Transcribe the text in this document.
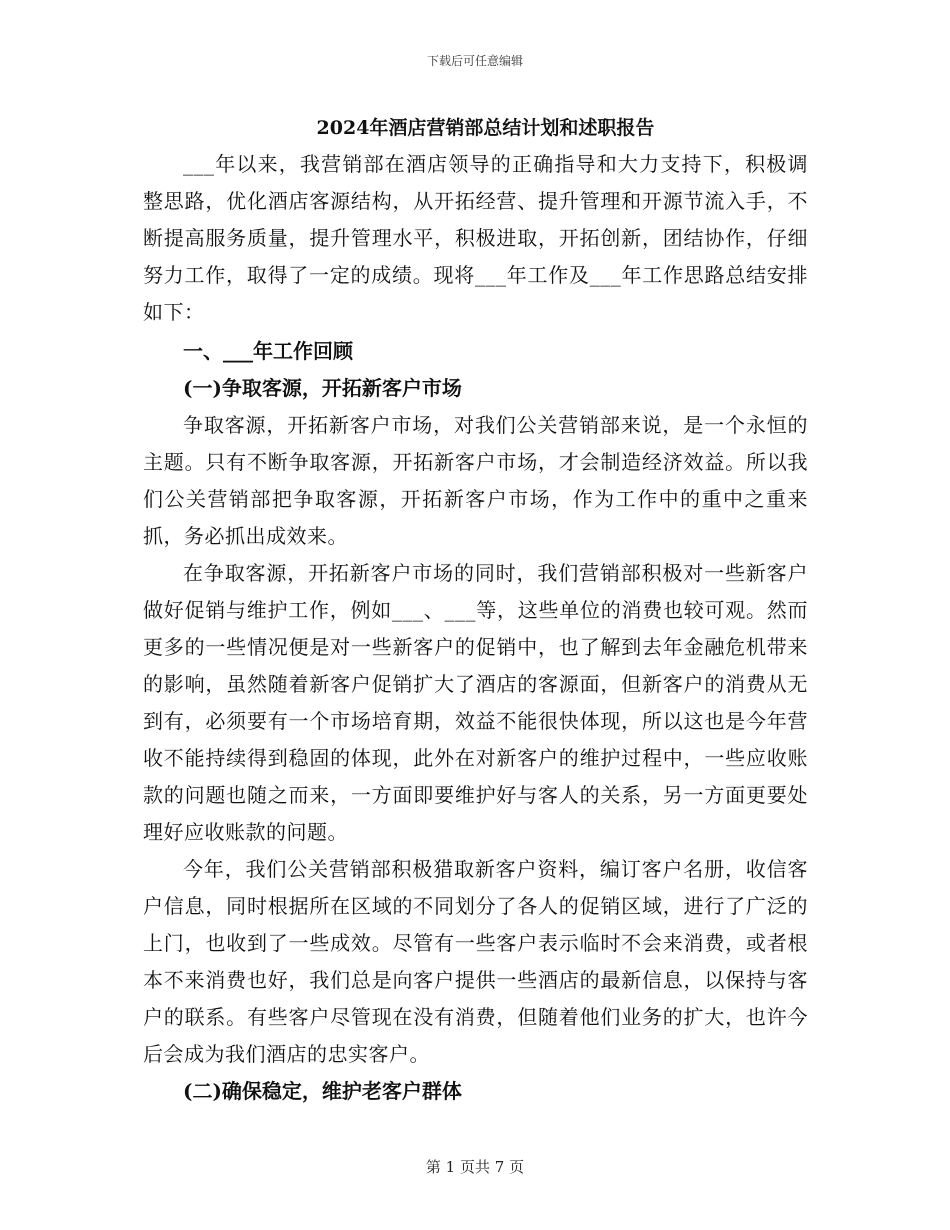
下载后可任意编辑
2024年酒店营销部总结计划和述职报告

___年以来，我营销部在酒店领导的正确指导和大力支持下，积极调整思路，优化酒店客源结构，从开拓经营、提升管理和开源节流入手，不断提高服务质量，提升管理水平，积极进取，开拓创新，团结协作，仔细努力工作，取得了一定的成绩。现将___年工作及___年工作思路总结安排如下：

一、___年工作回顾
(一)争取客源，开拓新客户市场

争取客源，开拓新客户市场，对我们公关营销部来说，是一个永恒的主题。只有不断争取客源，开拓新客户市场，才会制造经济效益。所以我们公关营销部把争取客源，开拓新客户市场，作为工作中的重中之重来抓，务必抓出成效来。

在争取客源，开拓新客户市场的同时，我们营销部积极对一些新客户做好促销与维护工作，例如___、___等，这些单位的消费也较可观。然而更多的一些情况便是对一些新客户的促销中，也了解到去年金融危机带来的影响，虽然随着新客户促销扩大了酒店的客源面，但新客户的消费从无到有，必须要有一个市场培育期，效益不能很快体现，所以这也是今年营收不能持续得到稳固的体现，此外在对新客户的维护过程中，一些应收账款的问题也随之而来，一方面即要维护好与客人的关系，另一方面更要处理好应收账款的问题。

今年，我们公关营销部积极猎取新客户资料，编订客户名册，收信客户信息，同时根据所在区域的不同划分了各人的促销区域，进行了广泛的上门，也收到了一些成效。尽管有一些客户表示临时不会来消费，或者根本不来消费也好，我们总是向客户提供一些酒店的最新信息，以保持与客户的联系。有些客户尽管现在没有消费，但随着他们业务的扩大，也许今后会成为我们酒店的忠实客户。

(二)确保稳定，维护老客户群体
第 1 页共 7 页
